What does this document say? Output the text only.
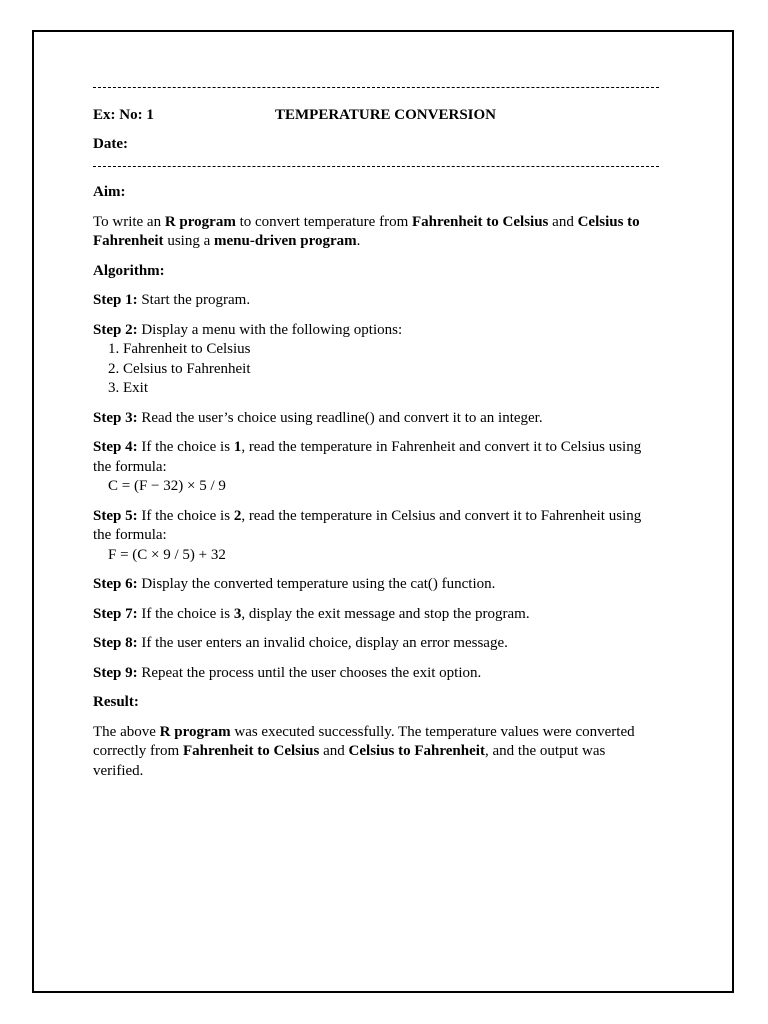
Ex: No: 1	TEMPERATURE CONVERSION
Date:

Aim:

To write an R program to convert temperature from Fahrenheit to Celsius and Celsius to Fahrenheit using a menu-driven program.

Algorithm:

Step 1: Start the program.
Step 2: Display a menu with the following options:
1. Fahrenheit to Celsius
2. Celsius to Fahrenheit
3. Exit
Step 3: Read the user’s choice using readline() and convert it to an integer.
Step 4: If the choice is 1, read the temperature in Fahrenheit and convert it to Celsius using the formula:
C = (F − 32) × 5 / 9
Step 5: If the choice is 2, read the temperature in Celsius and convert it to Fahrenheit using the formula:
F = (C × 9 / 5) + 32
Step 6: Display the converted temperature using the cat() function.
Step 7: If the choice is 3, display the exit message and stop the program.
Step 8: If the user enters an invalid choice, display an error message.
Step 9: Repeat the process until the user chooses the exit option.

Result:

The above R program was executed successfully. The temperature values were converted correctly from Fahrenheit to Celsius and Celsius to Fahrenheit, and the output was verified.
